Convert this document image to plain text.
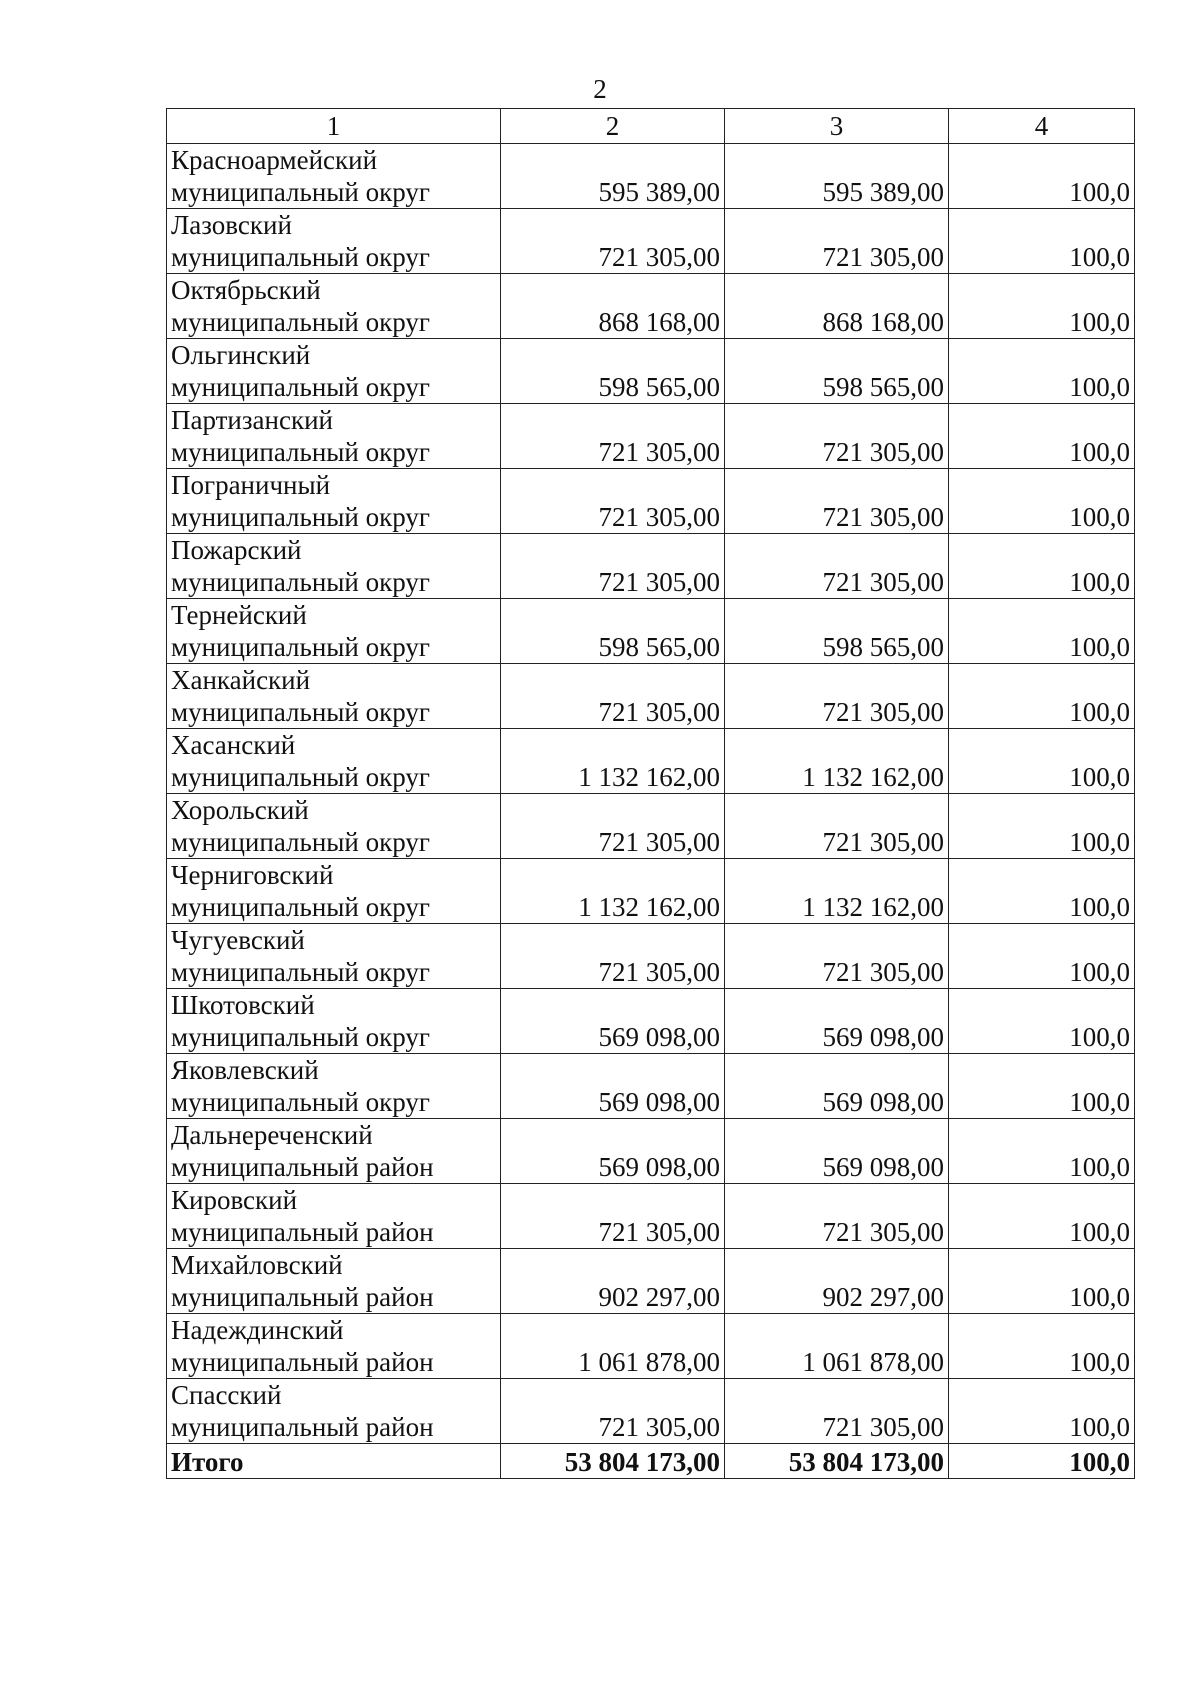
2
1	2	3	4

Красноармейский
муниципальный округ	595 389,00	595 389,00	100,0

Лазовский
муниципальный округ	721 305,00	721 305,00	100,0

Октябрьский
муниципальный округ	868 168,00	868 168,00	100,0

Ольгинский
муниципальный округ	598 565,00	598 565,00	100,0

Партизанский
муниципальный округ	721 305,00	721 305,00	100,0

Пограничный
муниципальный округ	721 305,00	721 305,00	100,0

Пожарский
муниципальный округ	721 305,00	721 305,00	100,0

Тернейский
муниципальный округ	598 565,00	598 565,00	100,0

Ханкайский
муниципальный округ	721 305,00	721 305,00	100,0

Хасанский
муниципальный округ	1 132 162,00	1 132 162,00	100,0

Хорольский
муниципальный округ	721 305,00	721 305,00	100,0

Черниговский
муниципальный округ	1 132 162,00	1 132 162,00	100,0

Чугуевский
муниципальный округ	721 305,00	721 305,00	100,0

Шкотовский
муниципальный округ	569 098,00	569 098,00	100,0

Яковлевский
муниципальный округ	569 098,00	569 098,00	100,0

Дальнереченский
муниципальный район	569 098,00	569 098,00	100,0

Кировский
муниципальный район	721 305,00	721 305,00	100,0

Михайловский
муниципальный район	902 297,00	902 297,00	100,0

Надеждинский
муниципальный район	1 061 878,00	1 061 878,00	100,0

Спасский
муниципальный район	721 305,00	721 305,00	100,0
Итого	53 804 173,00	53 804 173,00	100,0
